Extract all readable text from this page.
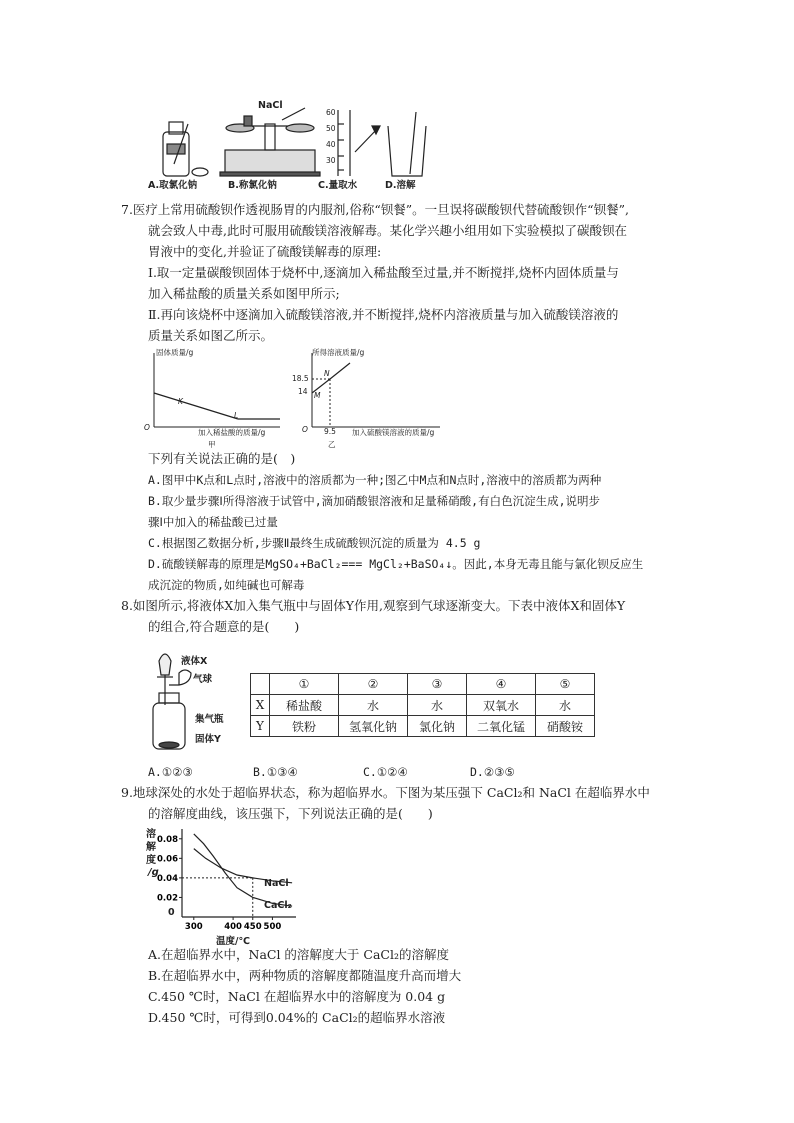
NaCl
60
50
40
30
A.取氯化钠	B.称氯化钠	C.量取水	D.溶解
7.医疗上常用硫酸钡作透视肠胃的内服剂,俗称“钡餐”。一旦误将碳酸钡代替硫酸钡作“钡餐”,
就会致人中毒,此时可服用硫酸镁溶液解毒。某化学兴趣小组用如下实验模拟了碳酸钡在
胃液中的变化,并验证了硫酸镁解毒的原理:
Ⅰ.取一定量碳酸钡固体于烧杯中,逐滴加入稀盐酸至过量,并不断搅拌,烧杯内固体质量与
加入稀盐酸的质量关系如图甲所示;
Ⅱ.再向该烧杯中逐滴加入硫酸镁溶液,并不断搅拌,烧杯内溶液质量与加入硫酸镁溶液的
质量关系如图乙所示。
固体质量/g
O
K
L
加入稀盐酸的质量/g
甲
所得溶液质量/g
18.5
14 M
N
O 9.5 加入硫酸镁溶液的质量/g
乙
下列有关说法正确的是(　)
A.图甲中K点和L点时,溶液中的溶质都为一种;图乙中M点和N点时,溶液中的溶质都为两种
B.取少量步骤Ⅰ所得溶液于试管中,滴加硝酸银溶液和足量稀硝酸,有白色沉淀生成,说明步
骤Ⅰ中加入的稀盐酸已过量
C.根据图乙数据分析,步骤Ⅱ最终生成硫酸钡沉淀的质量为 4.5 g
D.硫酸镁解毒的原理是MgSO₄+BaCl₂=== MgCl₂+BaSO₄↓。因此,本身无毒且能与氯化钡反应生
成沉淀的物质,如纯碱也可解毒
8.如图所示,将液体X加入集气瓶中与固体Y作用,观察到气球逐渐变大。下表中液体X和固体Y
的组合,符合题意的是(　　)
液体X
气球
集气瓶
固体Y
	①	②	③	④	⑤
X	稀盐酸	水	水	双氧水	水
Y	铁粉	氢氧化钠	氯化钠	二氧化锰	硝酸铵
A.①②③	B.①③④	C.①②④	D.②③⑤
9.地球深处的水处于超临界状态，称为超临界水。下图为某压强下 CaCl₂和 NaCl 在超临界水中
的溶解度曲线，该压强下，下列说法正确的是(　　)
溶
解
度
/g
0.08
0.06
0.04
0.02
300	400 450 500
0
NaCl
CaCl₂
温度/℃
A.在超临界水中，NaCl 的溶解度大于 CaCl₂的溶解度
B.在超临界水中，两种物质的溶解度都随温度升高而增大
C.450 ℃时，NaCl 在超临界水中的溶解度为 0.04 g
D.450 ℃时，可得到0.04%的 CaCl₂的超临界水溶液
